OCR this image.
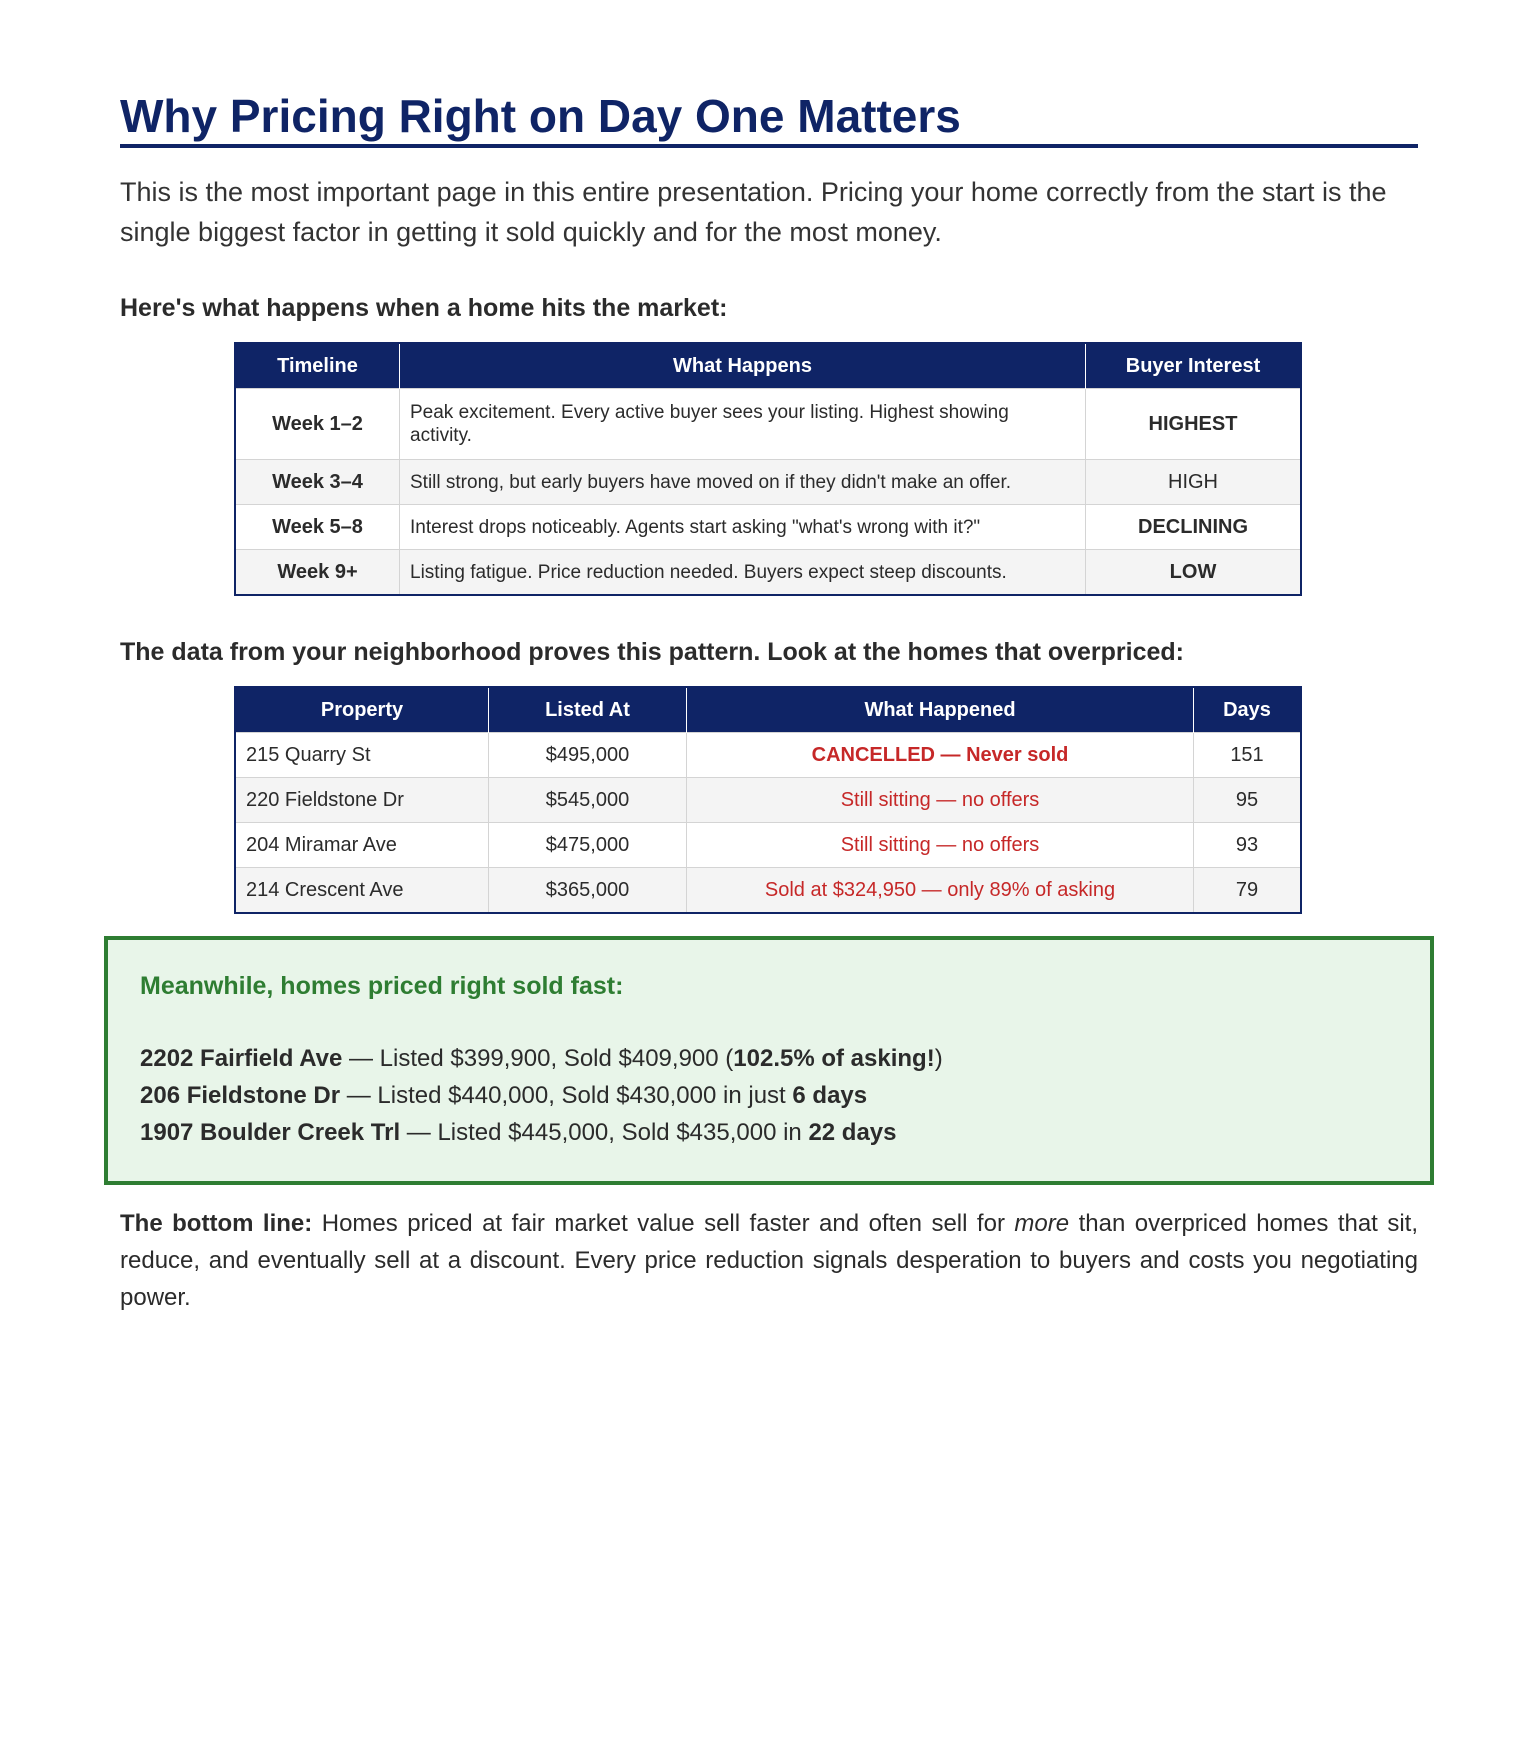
Why Pricing Right on Day One Matters

This is the most important page in this entire presentation. Pricing your home correctly from the start is the single biggest factor in getting it sold quickly and for the most money.

Here's what happens when a home hits the market:

Timeline	What Happens	Buyer Interest
Week 1–2	Peak excitement. Every active buyer sees your listing. Highest showing activity.	HIGHEST
Week 3–4	Still strong, but early buyers have moved on if they didn't make an offer.	HIGH
Week 5–8	Interest drops noticeably. Agents start asking "what's wrong with it?"	DECLINING
Week 9+	Listing fatigue. Price reduction needed. Buyers expect steep discounts.	LOW

The data from your neighborhood proves this pattern. Look at the homes that overpriced:

Property	Listed At	What Happened	Days
215 Quarry St	$495,000	CANCELLED — Never sold	151
220 Fieldstone Dr	$545,000	Still sitting — no offers	95
204 Miramar Ave	$475,000	Still sitting — no offers	93
214 Crescent Ave	$365,000	Sold at $324,950 — only 89% of asking	79
Meanwhile, homes priced right sold fast:
2202 Fairfield Ave — Listed $399,900, Sold $409,900 (102.5% of asking!)
206 Fieldstone Dr — Listed $440,000, Sold $430,000 in just 6 days
1907 Boulder Creek Trl — Listed $445,000, Sold $435,000 in 22 days

The bottom line: Homes priced at fair market value sell faster and often sell for more than overpriced homes that sit, reduce, and eventually sell at a discount. Every price reduction signals desperation to buyers and costs you negotiating power.
